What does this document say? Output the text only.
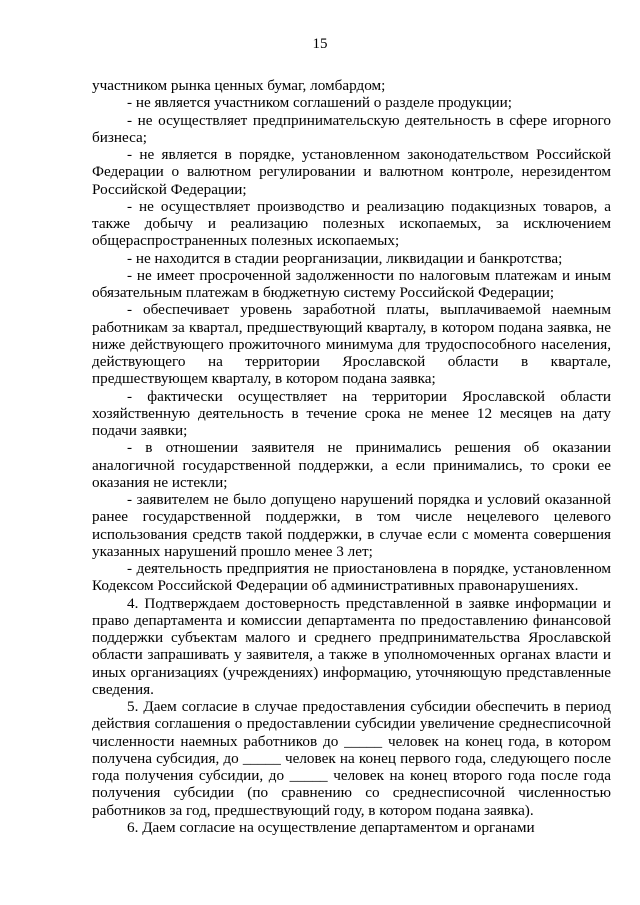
15

участником рынка ценных бумаг, ломбардом;

- не является участником соглашений о разделе продукции;

- не осуществляет предпринимательскую деятельность в сфере игорного бизнеса;

- не является в порядке, установленном законодательством Российской Федерации о валютном регулировании и валютном контроле, нерезидентом Российской Федерации;

- не осуществляет производство и реализацию подакцизных товаров, а также добычу и реализацию полезных ископаемых, за исключением общераспространенных полезных ископаемых;

- не находится в стадии реорганизации, ликвидации и банкротства;

- не имеет просроченной задолженности по налоговым платежам и иным обязательным платежам в бюджетную систему Российской Федерации;

- обеспечивает уровень заработной платы, выплачиваемой наемным работникам за квартал, предшествующий кварталу, в котором подана заявка, не ниже действующего прожиточного минимума для трудоспособного населения, действующего на территории Ярославской области в квартале, предшествующем кварталу, в котором подана заявка;

- фактически осуществляет на территории Ярославской области хозяйственную деятельность в течение срока не менее 12 месяцев на дату подачи заявки;

- в отношении заявителя не принимались решения об оказании аналогичной государственной поддержки, а если принимались, то сроки ее оказания не истекли;

- заявителем не было допущено нарушений порядка и условий оказанной ранее государственной поддержки, в том числе нецелевого целевого использования средств такой поддержки, в случае если с момента совершения указанных нарушений прошло менее 3 лет;

- деятельность предприятия не приостановлена в порядке, установленном Кодексом Российской Федерации об административных правонарушениях.

4. Подтверждаем достоверность представленной в заявке информации и право департамента и комиссии департамента по предоставлению финансовой поддержки субъектам малого и среднего предпринимательства Ярославской области запрашивать у заявителя, а также в уполномоченных органах власти и иных организациях (учреждениях) информацию, уточняющую представленные сведения.

5. Даем согласие в случае предоставления субсидии обеспечить в период действия соглашения о предоставлении субсидии увеличение среднесписочной численности наемных работников до _____ человек на конец года, в котором получена субсидия, до _____ человек на конец первого года, следующего после года получения субсидии, до _____ человек на конец второго года после года получения субсидии (по сравнению со среднесписочной численностью работников за год, предшествующий году, в котором подана заявка).

6. Даем согласие на осуществление департаментом и органами
